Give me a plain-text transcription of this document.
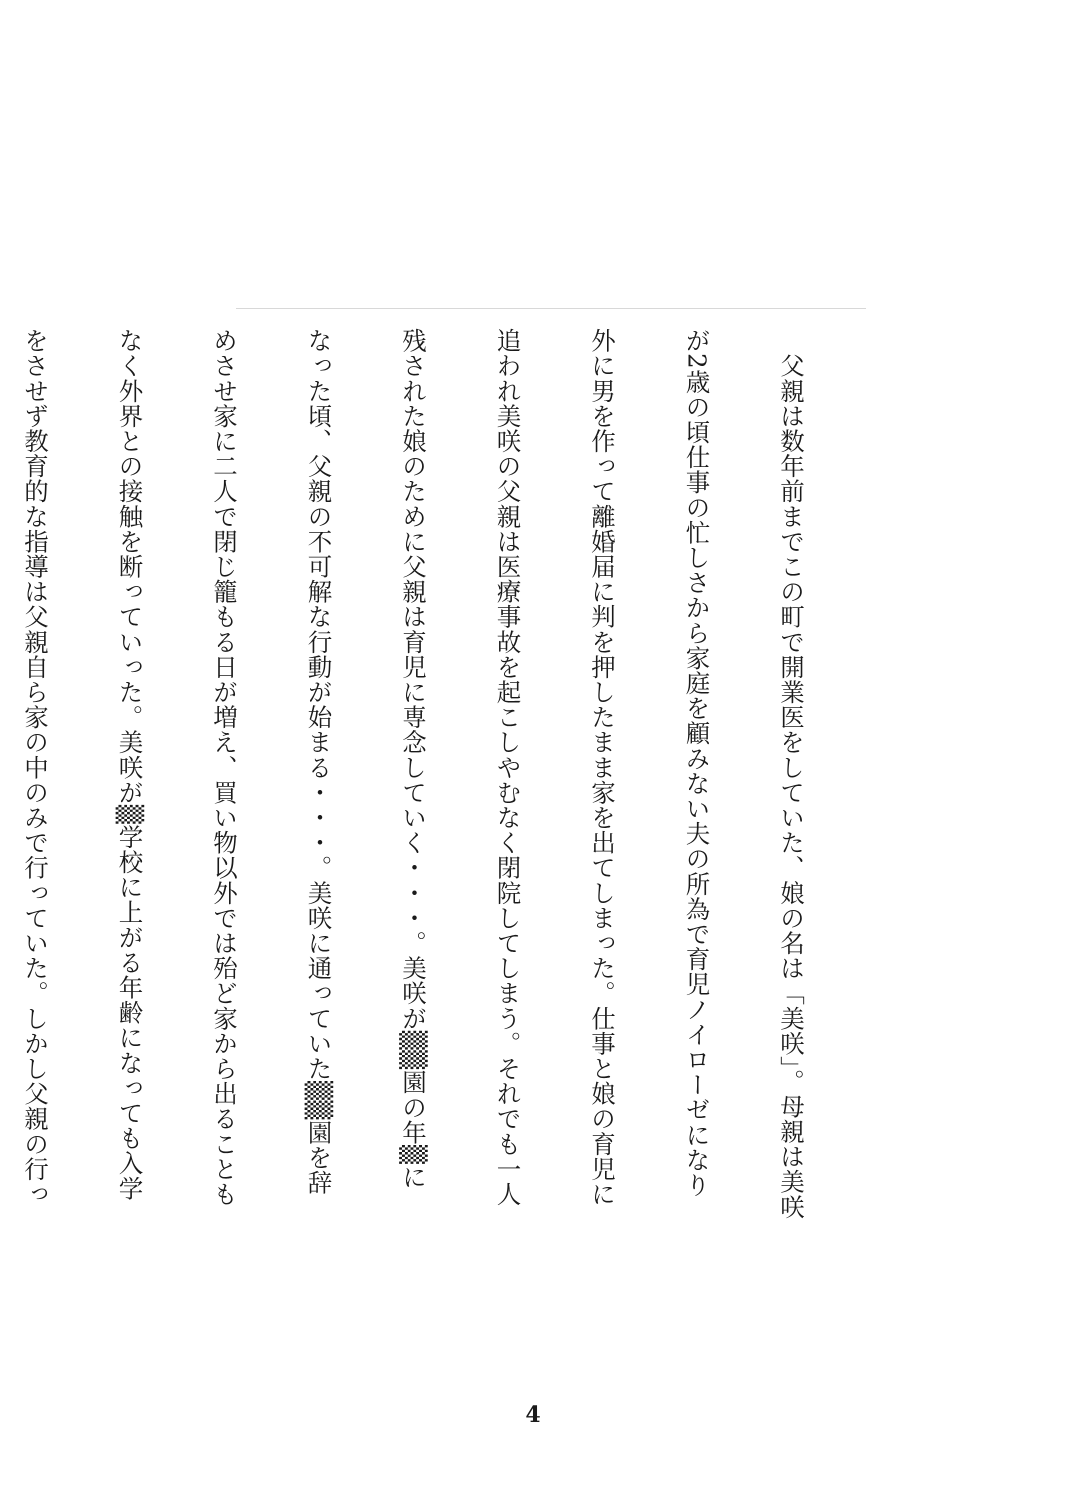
　父親は数年前までこの町で開業医をしていた、娘の名は「美咲」。母親は美咲

が2歳の頃仕事の忙しさから家庭を顧みない夫の所為で育児ノイローゼになり

外に男を作って離婚届に判を押したまま家を出てしまった。仕事と娘の育児に

追われ美咲の父親は医療事故を起こしやむなく閉院してしまう。それでも一人

残された娘のために父親は育児に専念していく・・・。美咲が▒▒園の年▒に

なった頃、父親の不可解な行動が始まる・・・。美咲に通っていた▒▒園を辞

めさせ家に二人で閉じ籠もる日が増え、買い物以外では殆ど家から出ることも

なく外界との接触を断っていった。美咲が▒学校に上がる年齢になっても入学

をさせず教育的な指導は父親自ら家の中のみで行っていた。しかし父親の行っ

4
